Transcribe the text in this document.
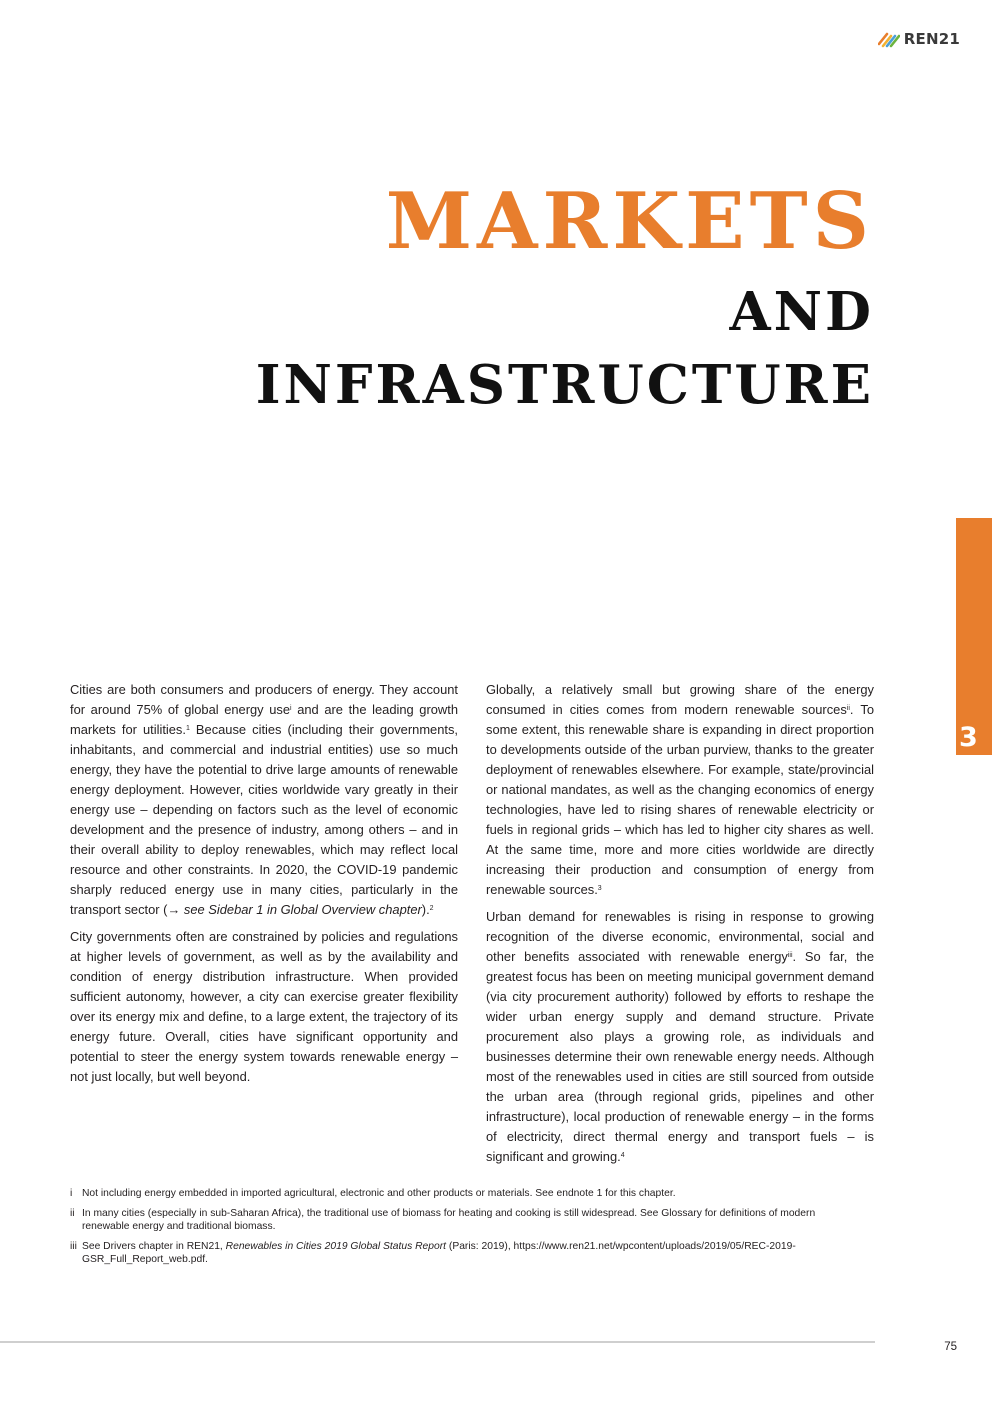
REN21
MARKETS
AND
INFRASTRUCTURE
3

Cities are both consumers and producers of energy. They account for around 75% of global energy use$^i$ and are the leading growth markets for utilities.$^1$ Because cities (including their governments, inhabitants, and commercial and industrial entities) use so much energy, they have the potential to drive large amounts of renewable energy deployment. However, cities worldwide vary greatly in their energy use – depending on factors such as the level of economic development and the presence of industry, among others – and in their overall ability to deploy renewables, which may reflect local resource and other constraints. In 2020, the COVID-19 pandemic sharply reduced energy use in many cities, particularly in the transport sector (→ see Sidebar 1 in Global Overview chapter).$^2$

City governments often are constrained by policies and regulations at higher levels of government, as well as by the availability and condition of energy distribution infrastructure. When provided sufficient autonomy, however, a city can exercise greater flexibility over its energy mix and define, to a large extent, the trajectory of its energy future. Overall, cities have significant opportunity and potential to steer the energy system towards renewable energy – not just locally, but well beyond.

Globally, a relatively small but growing share of the energy consumed in cities comes from modern renewable sources$^{ii}$. To some extent, this renewable share is expanding in direct proportion to developments outside of the urban purview, thanks to the greater deployment of renewables elsewhere. For example, state/provincial or national mandates, as well as the changing economics of energy technologies, have led to rising shares of renewable electricity or fuels in regional grids – which has led to higher city shares as well. At the same time, more and more cities worldwide are directly increasing their production and consumption of energy from renewable sources.$^3$

Urban demand for renewables is rising in response to growing recognition of the diverse economic, environmental, social and other benefits associated with renewable energy$^{iii}$. So far, the greatest focus has been on meeting municipal government demand (via city procurement authority) followed by efforts to reshape the wider urban energy supply and demand structure. Private procurement also plays a growing role, as individuals and businesses determine their own renewable energy needs. Although most of the renewables used in cities are still sourced from outside the urban area (through regional grids, pipelines and other infrastructure), local production of renewable energy – in the forms of electricity, direct thermal energy and transport fuels – is significant and growing.$^4$

i Not including energy embedded in imported agricultural, electronic and other products or materials. See endnote 1 for this chapter.
ii In many cities (especially in sub-Saharan Africa), the traditional use of biomass for heating and cooking is still widespread. See Glossary for definitions of modern renewable energy and traditional biomass.
iii See Drivers chapter in REN21, Renewables in Cities 2019 Global Status Report (Paris: 2019), https://www.ren21.net/wpcontent/uploads/2019/05/REC-2019-GSR_Full_Report_web.pdf.
75
